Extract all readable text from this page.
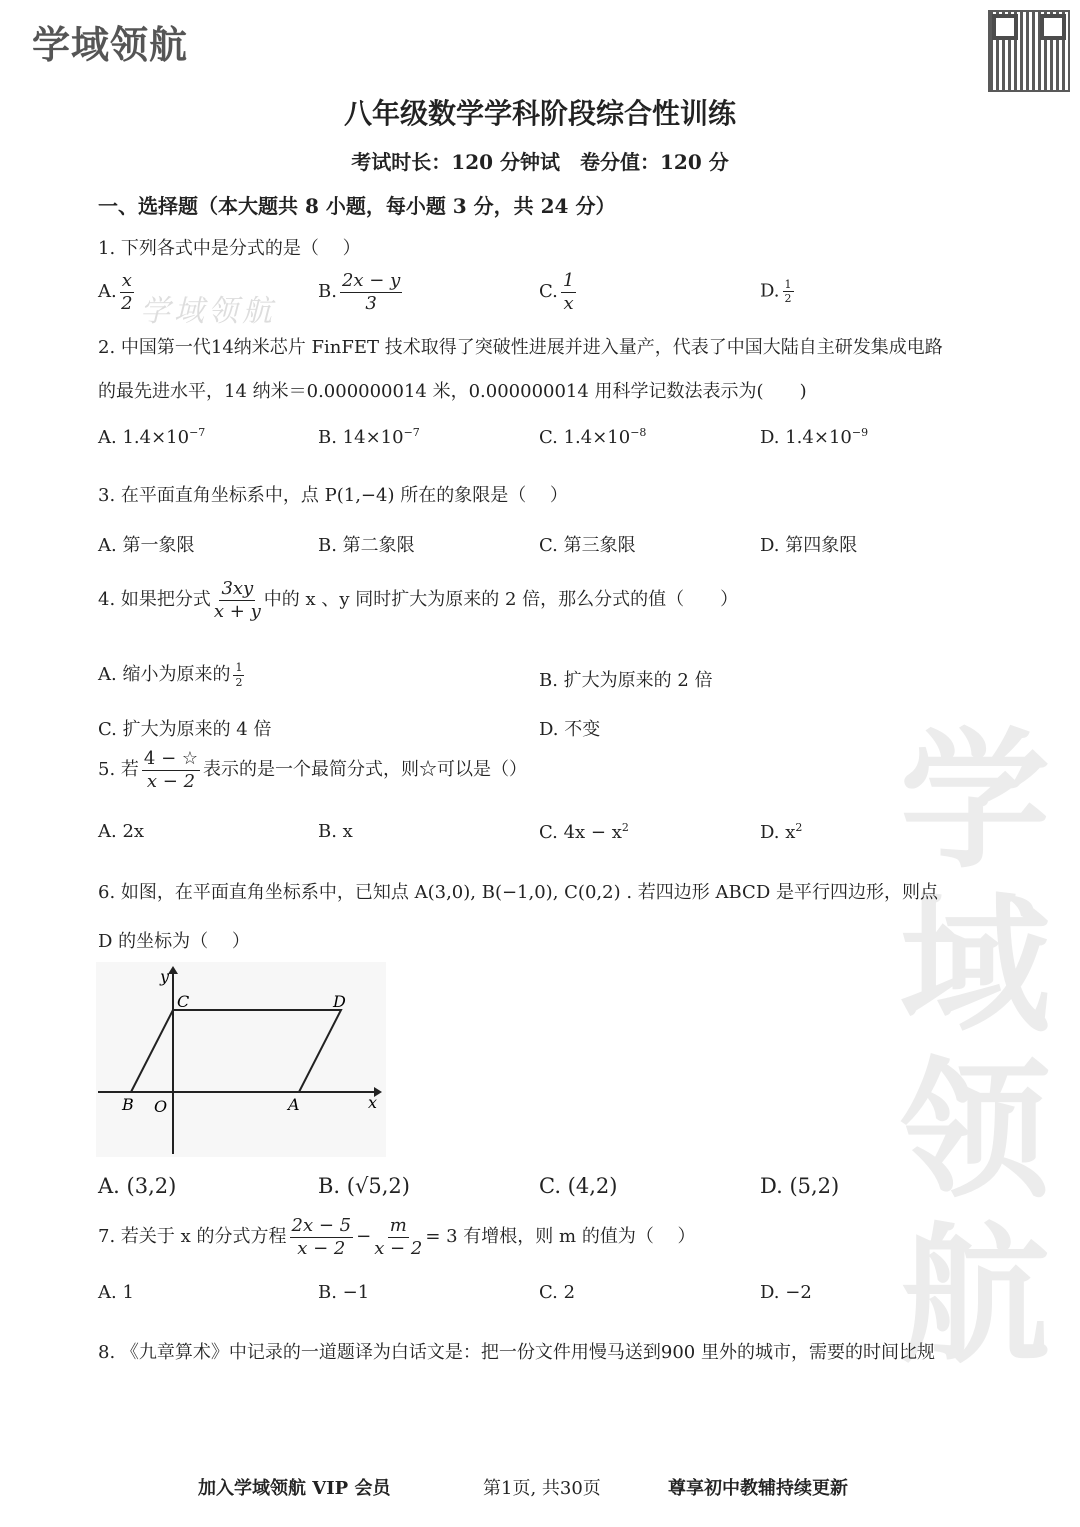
学域领航
学域领航
学域领航
八年级数学学科阶段综合性训练
考试时长：120 分钟试　卷分值：120 分
一、选择题（本大题共 8 小题，每小题 3 分，共 24 分）
1. 下列各式中是分式的是（　 ）
A. $\frac{x}{2}$	B. $\frac{2x - y}{3}$	C. $\frac{1}{x}$	D. $\frac{1}{2}$
2. 中国第一代14纳米芯片 FinFET 技术取得了突破性进展并进入量产，代表了中国大陆自主研发集成电路
的最先进水平，14 纳米＝0.000000014 米，0.000000014 用科学记数法表示为(　　)
A. $1.4\times 10^{-7}$	B. $14\times 10^{-7}$	C. $1.4\times 10^{-8}$	D. $1.4\times 10^{-9}$
3. 在平面直角坐标系中，点 P(1,−4) 所在的象限是（　 ）
A. 第一象限	B. 第二象限	C. 第三象限	D. 第四象限
4. 如果把分式 $\frac{3xy}{x + y}$ 中的 x 、y 同时扩大为原来的 2 倍，那么分式的值（　　）
A. 缩小为原来的 $\frac{1}{2}$	B. 扩大为原来的 2 倍
C. 扩大为原来的 4 倍	D. 不变
5. 若 $\frac{4 - ☆}{x - 2}$ 表示的是一个最简分式，则☆可以是（）
A. 2x	B. x	C. $4x - x^2$	D. $x^2$
6. 如图，在平面直角坐标系中，已知点 A(3,0), B(−1,0), C(0,2) . 若四边形 ABCD 是平行四边形，则点
D 的坐标为（　 ）
y
x
C	D
B O	A
A. (3,2)	B. (√5,2)	C. (4,2)	D. (5,2)
7. 若关于 x 的分式方程 $\frac{2x - 5}{x - 2} - \frac{m}{x - 2} = 3$ 有增根，则 m 的值为（　 ）
A. 1	B. −1	C. 2	D. −2
8. 《九章算术》中记录的一道题译为白话文是：把一份文件用慢马送到900 里外的城市，需要的时间比规
加入学域领航 VIP 会员	第1页, 共30页	尊享初中教辅持续更新
